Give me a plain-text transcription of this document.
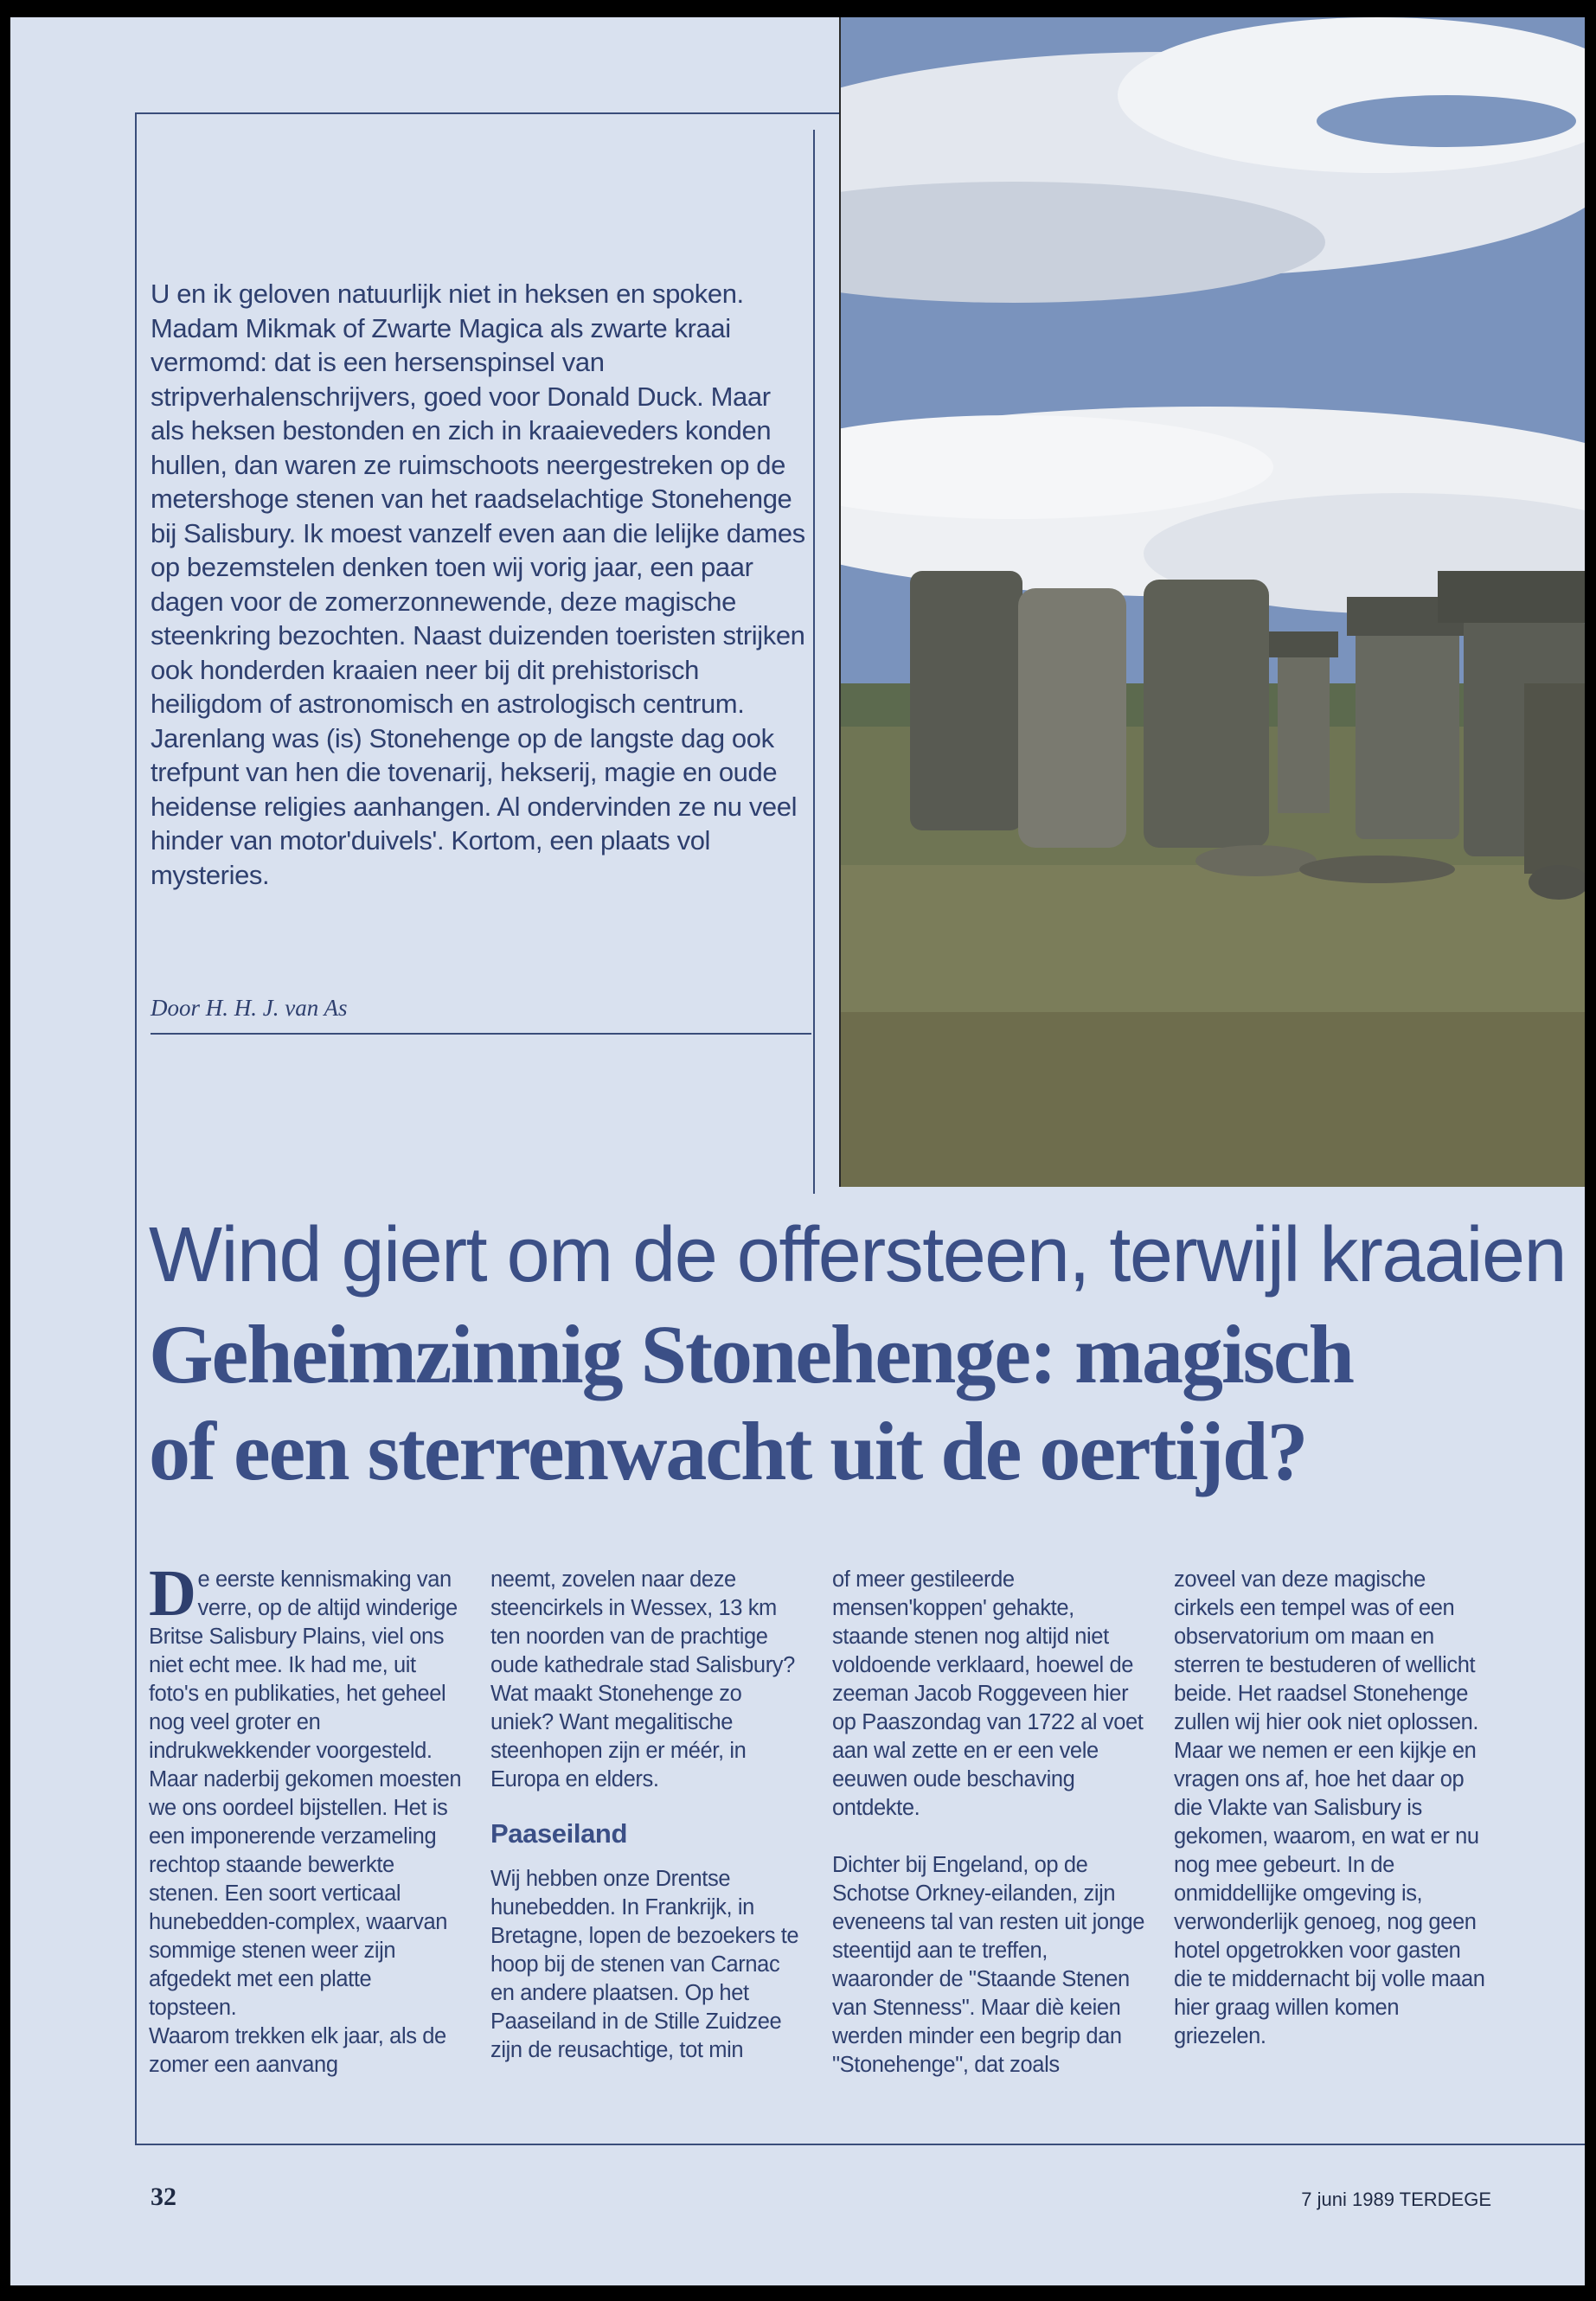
U en ik geloven natuurlijk niet in heksen en spoken. Madam Mikmak of Zwarte Magica als zwarte kraai vermomd: dat is een hersenspinsel van stripverhalenschrijvers, goed voor Donald Duck. Maar als heksen bestonden en zich in kraaieveders konden hullen, dan waren ze ruimschoots neergestreken op de metershoge stenen van het raadselachtige Stonehenge bij Salisbury. Ik moest vanzelf even aan die lelijke dames op bezemstelen denken toen wij vorig jaar, een paar dagen voor de zomerzonnewende, deze magische steenkring bezochten. Naast duizenden toeristen strijken ook honderden kraaien neer bij dit prehistorisch heiligdom of astronomisch en astrologisch centrum. Jarenlang was (is) Stonehenge op de langste dag ook trefpunt van hen die tovenarij, hekserij, magie en oude heidense religies aanhangen. Al ondervinden ze nu veel hinder van motor'duivels'. Kortom, een plaats vol mysteries.
Door H. H. J. van As
Wind giert om de offersteen, terwijl kraaien
Geheimzinnig Stonehenge: magisch
of een sterrenwacht uit de oertijd?

De eerste kennismaking van verre, op de altijd winderige Britse Salisbury Plains, viel ons niet echt mee. Ik had me, uit foto's en publikaties, het geheel nog veel groter en indrukwekkender voorgesteld. Maar naderbij gekomen moesten we ons oordeel bijstellen. Het is een imponerende verzameling rechtop staande bewerkte stenen. Een soort verticaal hunebedden-complex, waarvan sommige stenen weer zijn afgedekt met een platte topsteen.

Waarom trekken elk jaar, als de zomer een aanvang

neemt, zovelen naar deze steencirkels in Wessex, 13 km ten noorden van de prachtige oude kathedrale stad Salisbury? Wat maakt Stonehenge zo uniek? Want megalitische steenhopen zijn er méér, in Europa en elders.

Paaseiland

Wij hebben onze Drentse hunebedden. In Frankrijk, in Bretagne, lopen de bezoekers te hoop bij de stenen van Carnac en andere plaatsen. Op het Paaseiland in de Stille Zuidzee zijn de reusachtige, tot min

of meer gestileerde mensen'koppen' gehakte, staande stenen nog altijd niet voldoende verklaard, hoewel de zeeman Jacob Roggeveen hier op Paaszondag van 1722 al voet aan wal zette en er een vele eeuwen oude beschaving ontdekte.

Dichter bij Engeland, op de Schotse Orkney-eilanden, zijn eveneens tal van resten uit jonge steentijd aan te treffen, waaronder de "Staande Stenen van Stenness". Maar diè keien werden minder een begrip dan "Stonehenge", dat zoals

zoveel van deze magische cirkels een tempel was of een observatorium om maan en sterren te bestuderen of wellicht beide. Het raadsel Stonehenge zullen wij hier ook niet oplossen. Maar we nemen er een kijkje en vragen ons af, hoe het daar op die Vlakte van Salisbury is gekomen, waarom, en wat er nu nog mee gebeurt. In de onmiddellijke omgeving is, verwonderlijk genoeg, nog geen hotel opgetrokken voor gasten die te middernacht bij volle maan hier graag willen komen griezelen.

32	7 juni 1989 TERDEGE
